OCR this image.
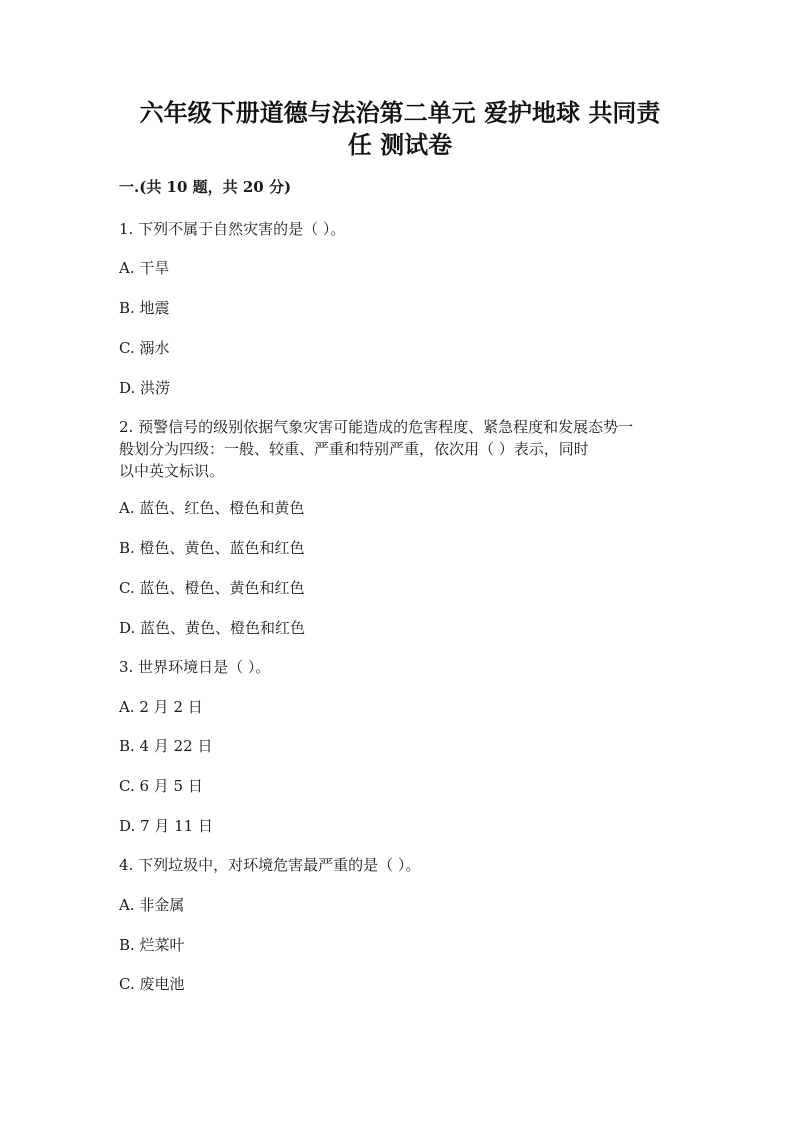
六年级下册道德与法治第二单元 爱护地球 共同责
任 测试卷
一.(共 10 题，共 20 分)
1. 下列不属于自然灾害的是（ ）。
A. 干旱
B. 地震
C. 溺水
D. 洪涝
2. 预警信号的级别依据气象灾害可能造成的危害程度、紧急程度和发展态势一
般划分为四级：一般、较重、严重和特别严重，依次用（ ）表示，同时
以中英文标识。
A. 蓝色、红色、橙色和黄色
B. 橙色、黄色、蓝色和红色
C. 蓝色、橙色、黄色和红色
D. 蓝色、黄色、橙色和红色
3. 世界环境日是（ ）。
A. 2 月 2 日
B. 4 月 22 日
C. 6 月 5 日
D. 7 月 11 日
4. 下列垃圾中，对环境危害最严重的是（ ）。
A. 非金属
B. 烂菜叶
C. 废电池
